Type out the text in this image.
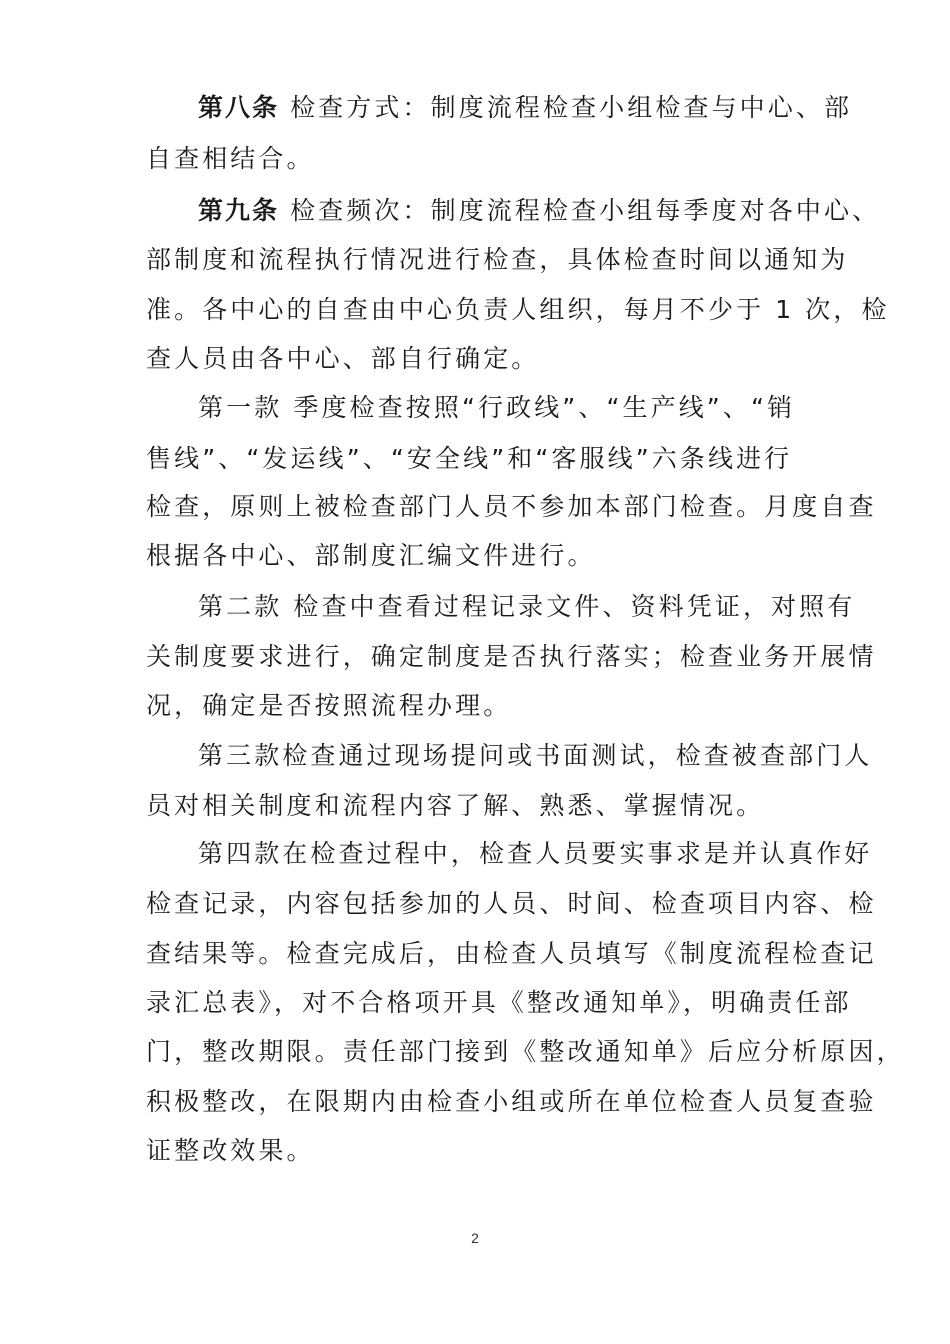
第八条 检查方式：制度流程检查小组检查与中心、部
自查相结合。
第九条 检查频次：制度流程检查小组每季度对各中心、
部制度和流程执行情况进行检查，具体检查时间以通知为
准。各中心的自查由中心负责人组织，每月不少于 1 次，检
查人员由各中心、部自行确定。
第一款 季度检查按照“行政线”、“生产线”、“销
售线”、“发运线”、“安全线”和“客服线”六条线进行
检查，原则上被检查部门人员不参加本部门检查。月度自查
根据各中心、部制度汇编文件进行。
第二款 检查中查看过程记录文件、资料凭证，对照有
关制度要求进行，确定制度是否执行落实；检查业务开展情
况，确定是否按照流程办理。
第三款检查通过现场提问或书面测试，检查被查部门人
员对相关制度和流程内容了解、熟悉、掌握情况。
第四款在检查过程中，检查人员要实事求是并认真作好
检查记录，内容包括参加的人员、时间、检查项目内容、检
查结果等。检查完成后，由检查人员填写《制度流程检查记
录汇总表》，对不合格项开具《整改通知单》，明确责任部
门，整改期限。责任部门接到《整改通知单》后应分析原因，
积极整改，在限期内由检查小组或所在单位检查人员复查验
证整改效果。
2
